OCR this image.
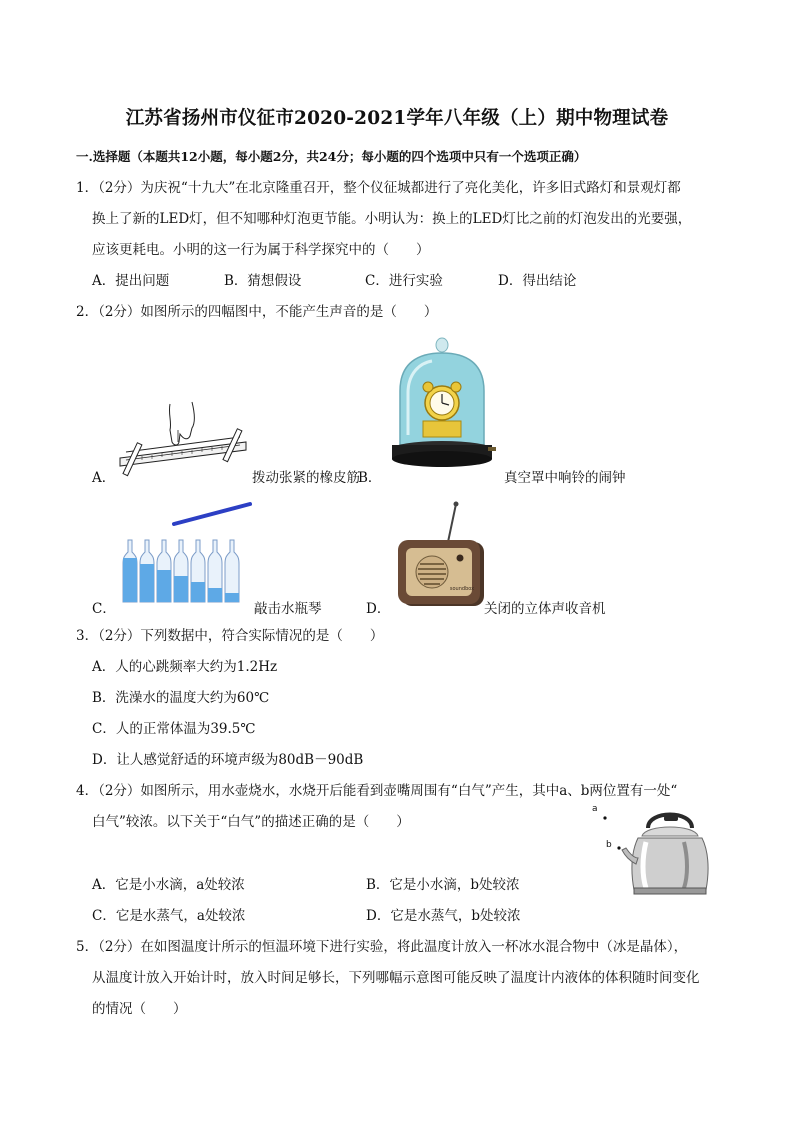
江苏省扬州市仪征市2020-2021学年八年级（上）期中物理试卷
一.选择题（本题共12小题，每小题2分，共24分；每小题的四个选项中只有一个选项正确）
1．（2分）为庆祝“十九大”在北京隆重召开，整个仪征城都进行了亮化美化，许多旧式路灯和景观灯都
换上了新的LED灯，但不知哪种灯泡更节能。小明认为：换上的LED灯比之前的灯泡发出的光要强，
应该更耗电。小明的这一行为属于科学探究中的（　　）
A．提出问题	B．猜想假设	C．进行实验	D．得出结论
2．（2分）如图所示的四幅图中，不能产生声音的是（　　）
A．	拨动张紧的橡皮筋
B．	真空罩中响铃的闹钟
C．	敲击水瓶琴
soundbox
D．	关闭的立体声收音机
3．（2分）下列数据中，符合实际情况的是（　　）
A．人的心跳频率大约为1.2Hz
B．洗澡水的温度大约为60℃
C．人的正常体温为39.5℃
D．让人感觉舒适的环境声级为80dB－90dB
4．（2分）如图所示，用水壶烧水，水烧开后能看到壶嘴周围有“白气”产生，其中a、b两位置有一处“
白气”较浓。以下关于“白气”的描述正确的是（　　）
A．它是小水滴，a处较浓	B．它是小水滴，b处较浓
C．它是水蒸气，a处较浓	D．它是水蒸气，b处较浓
a
b
5．（2分）在如图温度计所示的恒温环境下进行实验，将此温度计放入一杯冰水混合物中（冰是晶体），
从温度计放入开始计时，放入时间足够长，下列哪幅示意图可能反映了温度计内液体的体积随时间变化
的情况（　　）
